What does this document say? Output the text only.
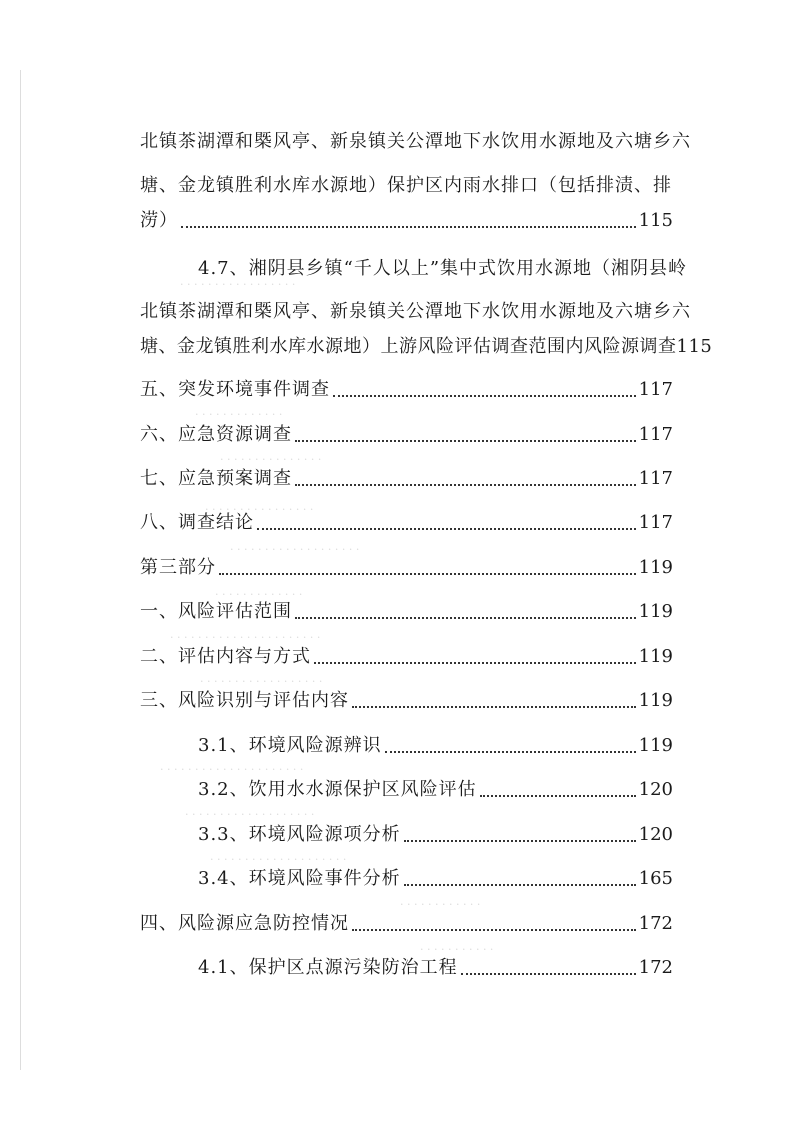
. . . . . . . . . . . . . . . . .
. . . . . . . . . . . . .
. . . . . . . . . . . . . . .
. . . . . . . . . . . . . . . .
. . . . . . . . . . . . . . . . . . .
. . . . . . . . . . . . .
. . . . . . . . . . . . . . . . . . . . . .
. . . . . . . . . . . . . . . . . .
. . . . . . . . . . . . . . . . . . . . .
. . . . . . . . . . . . . . . . . . .
. . . . . . . . . . . . . . . . . . . .
. . . . . . . . . . . .
. . . . . . . . . . .
北镇茶湖潭和槩风亭、新泉镇关公潭地下水饮用水源地及六塘乡六
塘、金龙镇胜利水库水源地）保护区内雨水排口（包括排渍、排
涝）	115
4.7、湘阴县乡镇“千人以上”集中式饮用水源地（湘阴县岭
北镇茶湖潭和槩风亭、新泉镇关公潭地下水饮用水源地及六塘乡六
塘、金龙镇胜利水库水源地）上游风险评估调查范围内风险源调查115
五、突发环境事件调查	117
六、应急资源调查	117
七、应急预案调查	117
八、调查结论	117
第三部分	119
一、风险评估范围	119
二、评估内容与方式	119
三、风险识别与评估内容	119
3.1、环境风险源辨识	119
3.2、饮用水水源保护区风险评估	120
3.3、环境风险源项分析	120
3.4、环境风险事件分析	165
四、风险源应急防控情况	172
4.1、保护区点源污染防治工程	172
